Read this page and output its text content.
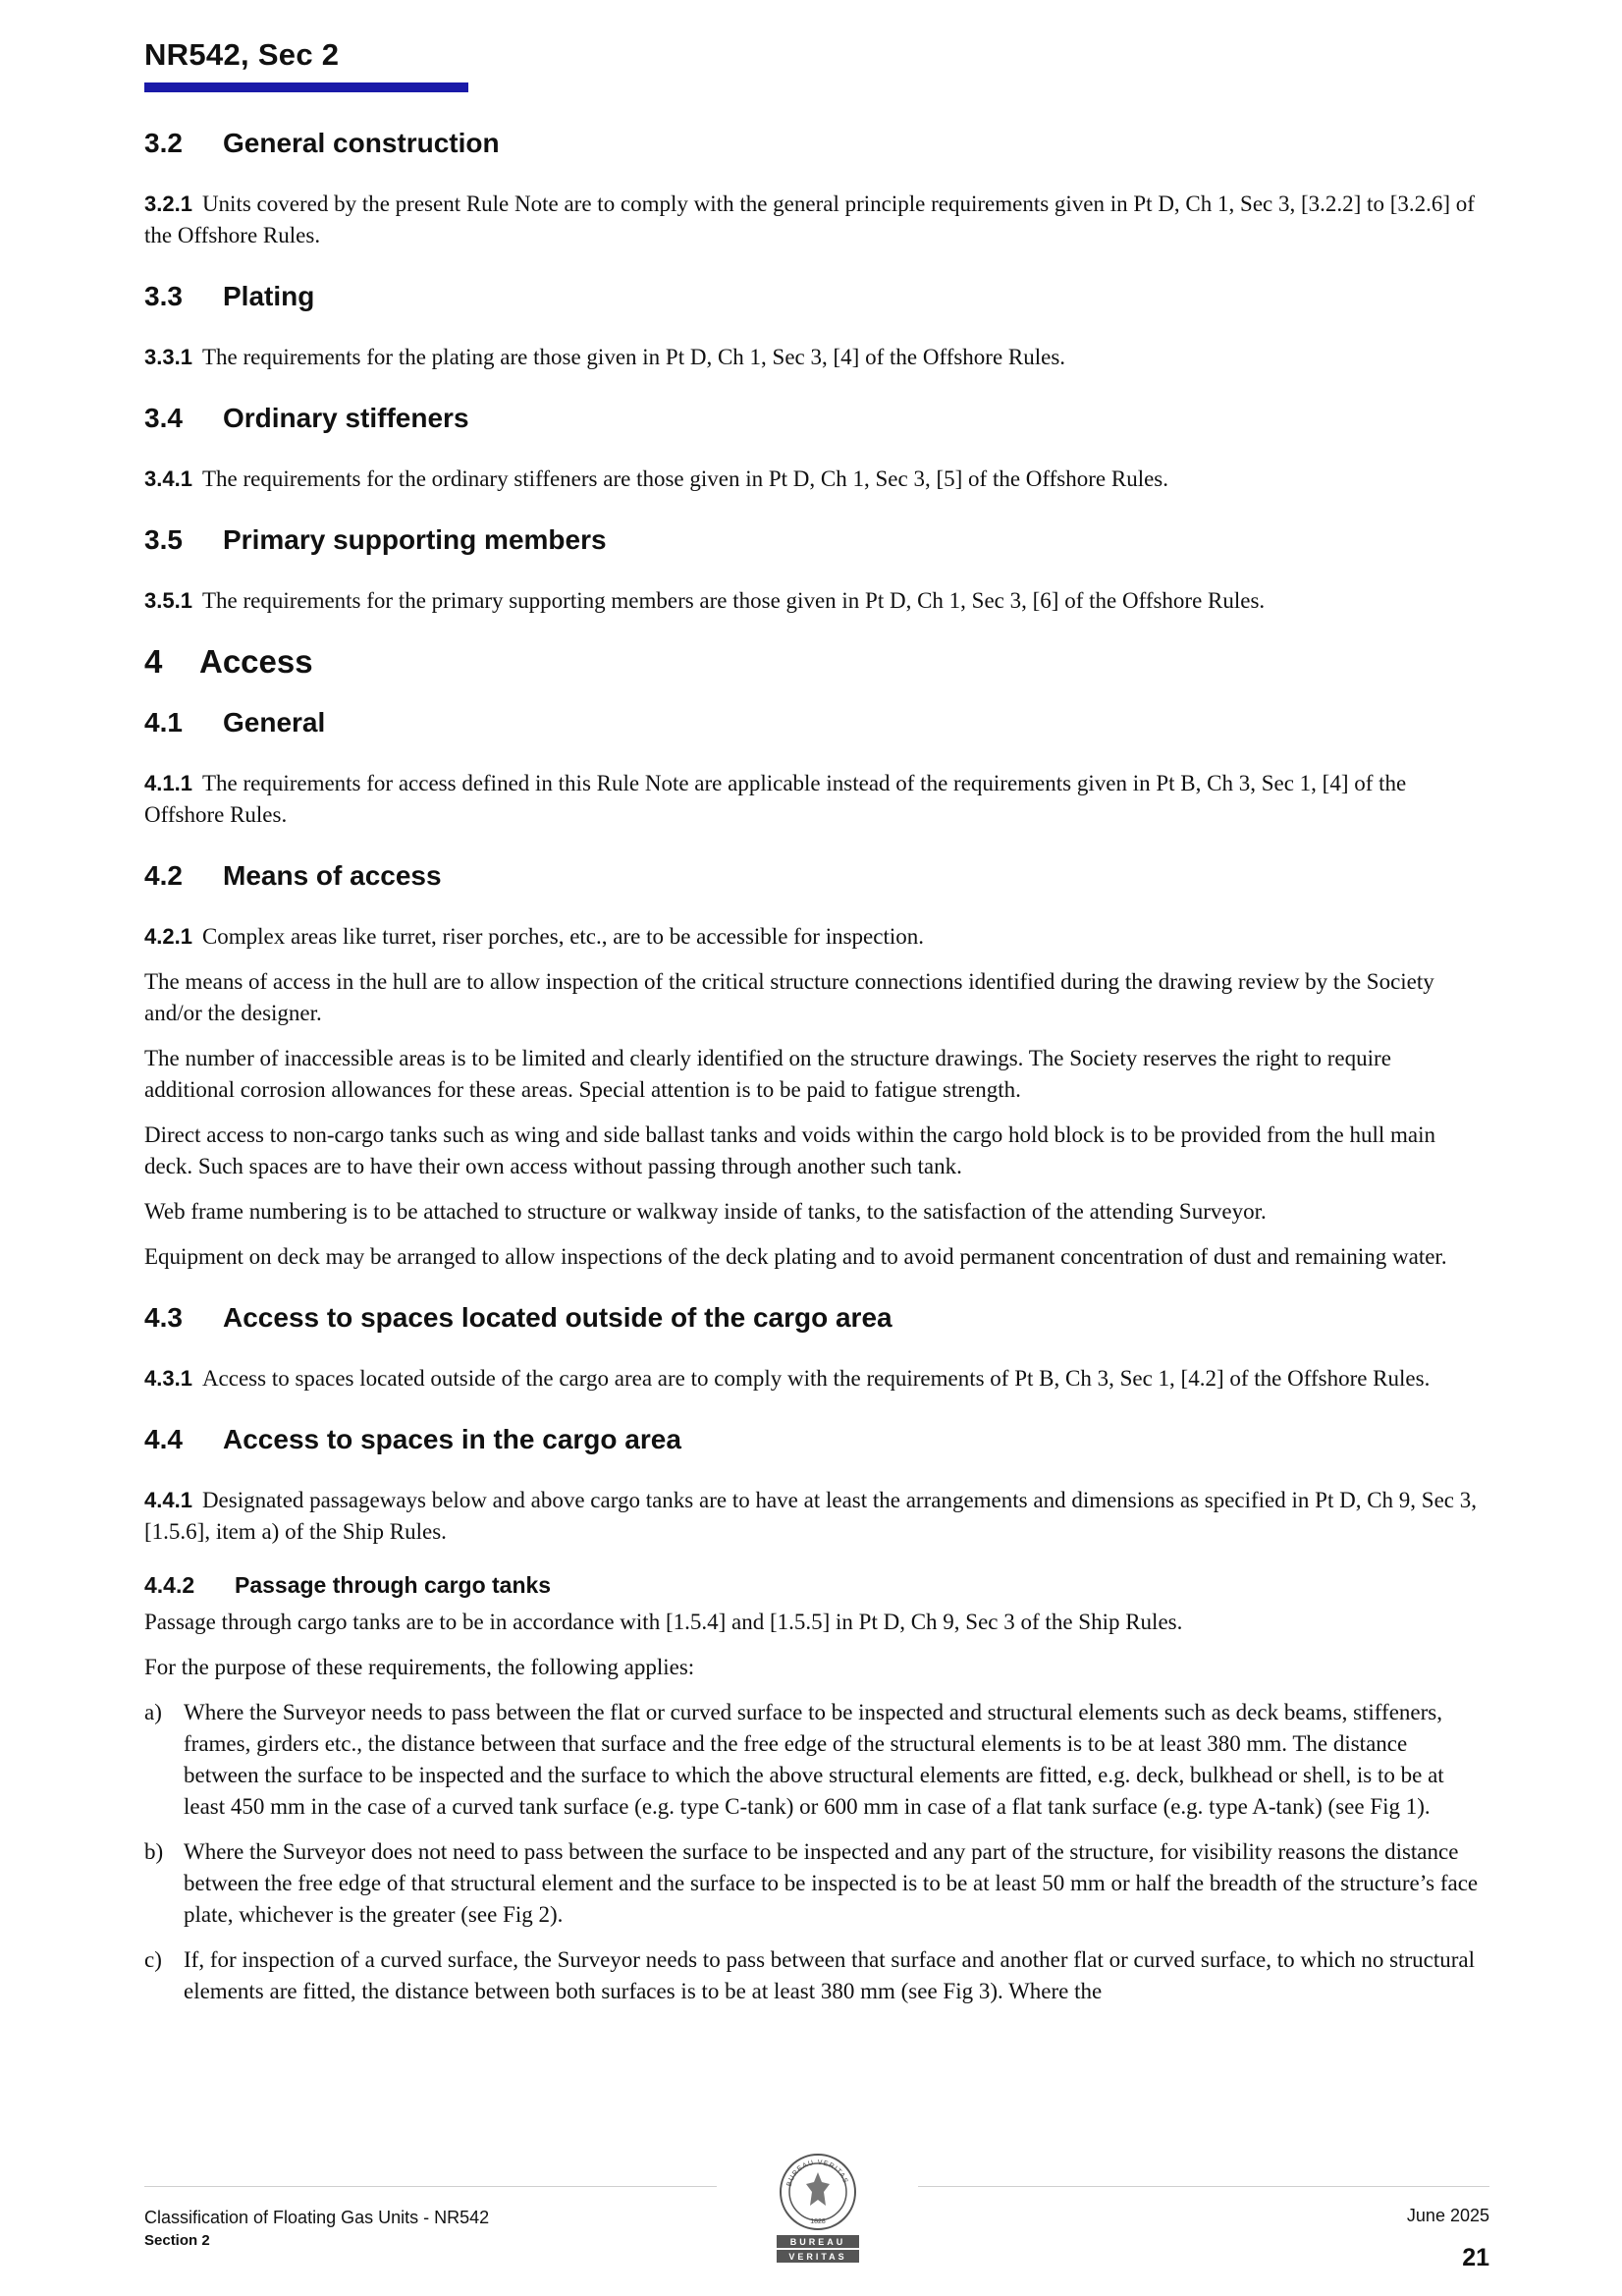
NR542, Sec 2
3.2	General construction

3.2.1 Units covered by the present Rule Note are to comply with the general principle requirements given in Pt D, Ch 1, Sec 3, [3.2.2] to [3.2.6] of the Offshore Rules.

3.3	Plating

3.3.1 The requirements for the plating are those given in Pt D, Ch 1, Sec 3, [4] of the Offshore Rules.

3.4	Ordinary stiffeners

3.4.1 The requirements for the ordinary stiffeners are those given in Pt D, Ch 1, Sec 3, [5] of the Offshore Rules.

3.5	Primary supporting members

3.5.1 The requirements for the primary supporting members are those given in Pt D, Ch 1, Sec 3, [6] of the Offshore Rules.

4	Access
4.1	General

4.1.1 The requirements for access defined in this Rule Note are applicable instead of the requirements given in Pt B, Ch 3, Sec 1, [4] of the Offshore Rules.

4.2	Means of access

4.2.1 Complex areas like turret, riser porches, etc., are to be accessible for inspection.

The means of access in the hull are to allow inspection of the critical structure connections identified during the drawing review by the Society and/or the designer.

The number of inaccessible areas is to be limited and clearly identified on the structure drawings. The Society reserves the right to require additional corrosion allowances for these areas. Special attention is to be paid to fatigue strength.

Direct access to non-cargo tanks such as wing and side ballast tanks and voids within the cargo hold block is to be provided from the hull main deck. Such spaces are to have their own access without passing through another such tank.

Web frame numbering is to be attached to structure or walkway inside of tanks, to the satisfaction of the attending Surveyor.

Equipment on deck may be arranged to allow inspections of the deck plating and to avoid permanent concentration of dust and remaining water.

4.3	Access to spaces located outside of the cargo area

4.3.1 Access to spaces located outside of the cargo area are to comply with the requirements of Pt B, Ch 3, Sec 1, [4.2] of the Offshore Rules.

4.4	Access to spaces in the cargo area

4.4.1 Designated passageways below and above cargo tanks are to have at least the arrangements and dimensions as specified in Pt D, Ch 9, Sec 3, [1.5.6], item a) of the Ship Rules.

4.4.2	Passage through cargo tanks

Passage through cargo tanks are to be in accordance with [1.5.4] and [1.5.5] in Pt D, Ch 9, Sec 3 of the Ship Rules.

For the purpose of these requirements, the following applies:

a) Where the Surveyor needs to pass between the flat or curved surface to be inspected and structural elements such as deck beams, stiffeners, frames, girders etc., the distance between that surface and the free edge of the structural elements is to be at least 380 mm. The distance between the surface to be inspected and the surface to which the above structural elements are fitted, e.g. deck, bulkhead or shell, is to be at least 450 mm in the case of a curved tank surface (e.g. type C-tank) or 600 mm in case of a flat tank surface (e.g. type A-tank) (see Fig 1).
b) Where the Surveyor does not need to pass between the surface to be inspected and any part of the structure, for visibility reasons the distance between the free edge of that structural element and the surface to be inspected is to be at least 50 mm or half the breadth of the structure’s face plate, whichever is the greater (see Fig 2).
c) If, for inspection of a curved surface, the Surveyor needs to pass between that surface and another flat or curved surface, to which no structural elements are fitted, the distance between both surfaces is to be at least 380 mm (see Fig 3). Where the
Classification of Floating Gas Units - NR542
Section 2
BUREAU VERITAS
1828
BUREAU
VERITAS
June 2025
21
